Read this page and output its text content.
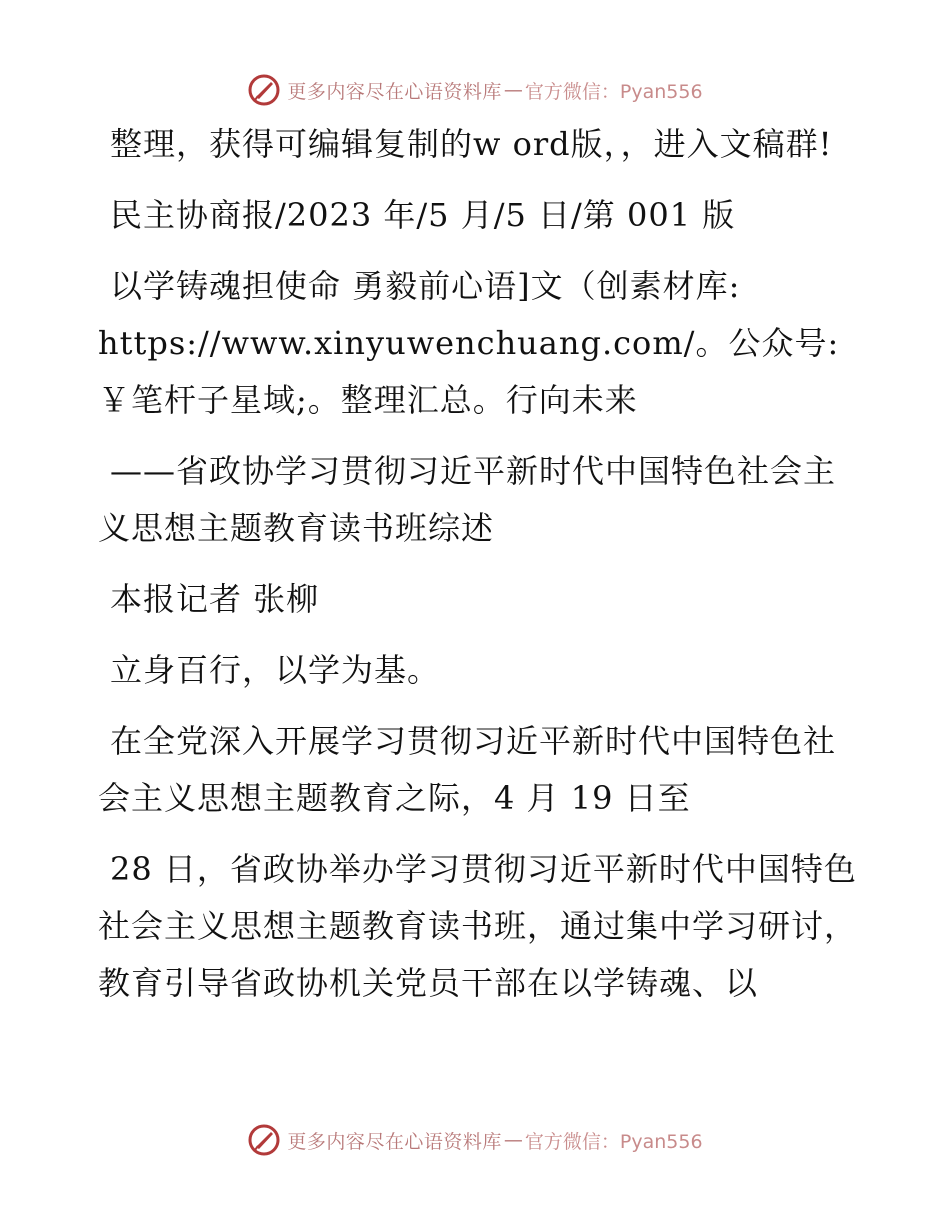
更多内容尽在心语资料库 — 官方微信：Pyan556

整理，获得可编辑复制的w ord版，，进入文稿群!

民主协商报/2023 年/5 月/5 日/第 001 版

以学铸魂担使命 勇毅前心语]文（创素材库: https://www.xinyuwenchuang.com/。公众号: ￥笔杆子星域;。整理汇总。行向未来

——省政协学习贯彻习近平新时代中国特色社会主义思想主题教育读书班综述

本报记者 张柳

立身百行，以学为基。

在全党深入开展学习贯彻习近平新时代中国特色社会主义思想主题教育之际，4 月 19 日至

28 日，省政协举办学习贯彻习近平新时代中国特色社会主义思想主题教育读书班，通过集中学习研讨，教育引导省政协机关党员干部在以学铸魂、以

更多内容尽在心语资料库 — 官方微信：Pyan556
